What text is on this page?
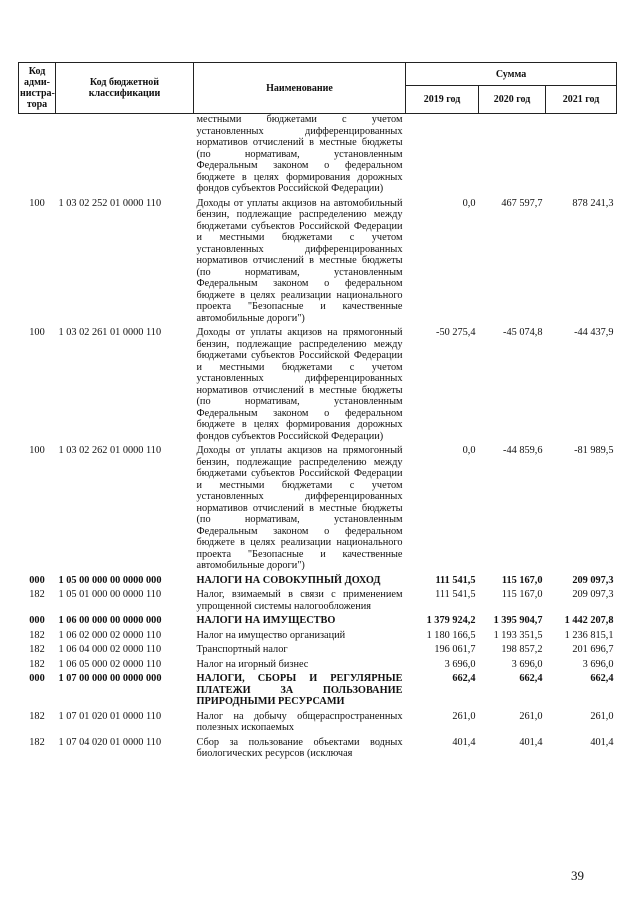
Код адми-нистра-тора	Код бюджетной классификации	Наименование	Сумма		
			2019 год	2020 год	2021 год
		местными бюджетами с учетом установленных дифференцированных нормативов отчислений в местные бюджеты (по нормативам, установленным Федеральным законом о федеральном бюджете в целях формирования дорожных фондов субъектов Российской Федерации)			
100	1 03 02 252 01 0000 110	Доходы от уплаты акцизов на автомобильный бензин, подлежащие распределению между бюджетами субъектов Российской Федерации и местными бюджетами с учетом установленных дифференцированных нормативов отчислений в местные бюджеты (по нормативам, установленным Федеральным законом о федеральном бюджете в целях реализации национального проекта "Безопасные и качественные автомобильные дороги")	0,0	467 597,7	878 241,3
100	1 03 02 261 01 0000 110	Доходы от уплаты акцизов на прямогонный бензин, подлежащие распределению между бюджетами субъектов Российской Федерации и местными бюджетами с учетом установленных дифференцированных нормативов отчислений в местные бюджеты (по нормативам, установленным Федеральным законом о федеральном бюджете в целях формирования дорожных фондов субъектов Российской Федерации)	-50 275,4	-45 074,8	-44 437,9
100	1 03 02 262 01 0000 110	Доходы от уплаты акцизов на прямогонный бензин, подлежащие распределению между бюджетами субъектов Российской Федерации и местными бюджетами с учетом установленных дифференцированных нормативов отчислений в местные бюджеты (по нормативам, установленным Федеральным законом о федеральном бюджете в целях реализации национального проекта "Безопасные и качественные автомобильные дороги")	0,0	-44 859,6	-81 989,5
000	1 05 00 000 00 0000 000	НАЛОГИ НА СОВОКУПНЫЙ ДОХОД	111 541,5	115 167,0	209 097,3
182	1 05 01 000 00 0000 110	Налог, взимаемый в связи с применением упрощенной системы налогообложения	111 541,5	115 167,0	209 097,3
000	1 06 00 000 00 0000 000	НАЛОГИ НА ИМУЩЕСТВО	1 379 924,2	1 395 904,7	1 442 207,8
182	1 06 02 000 02 0000 110	Налог на имущество организаций	1 180 166,5	1 193 351,5	1 236 815,1
182	1 06 04 000 02 0000 110	Транспортный налог	196 061,7	198 857,2	201 696,7
182	1 06 05 000 02 0000 110	Налог на игорный бизнес	3 696,0	3 696,0	3 696,0
000	1 07 00 000 00 0000 000	НАЛОГИ, СБОРЫ И РЕГУЛЯРНЫЕ ПЛАТЕЖИ ЗА ПОЛЬЗОВАНИЕ ПРИРОДНЫМИ РЕСУРСАМИ	662,4	662,4	662,4
182	1 07 01 020 01 0000 110	Налог на добычу общераспространенных полезных ископаемых	261,0	261,0	261,0
182	1 07 04 020 01 0000 110	Сбор за пользование объектами водных биологических ресурсов (исключая	401,4	401,4	401,4
39
